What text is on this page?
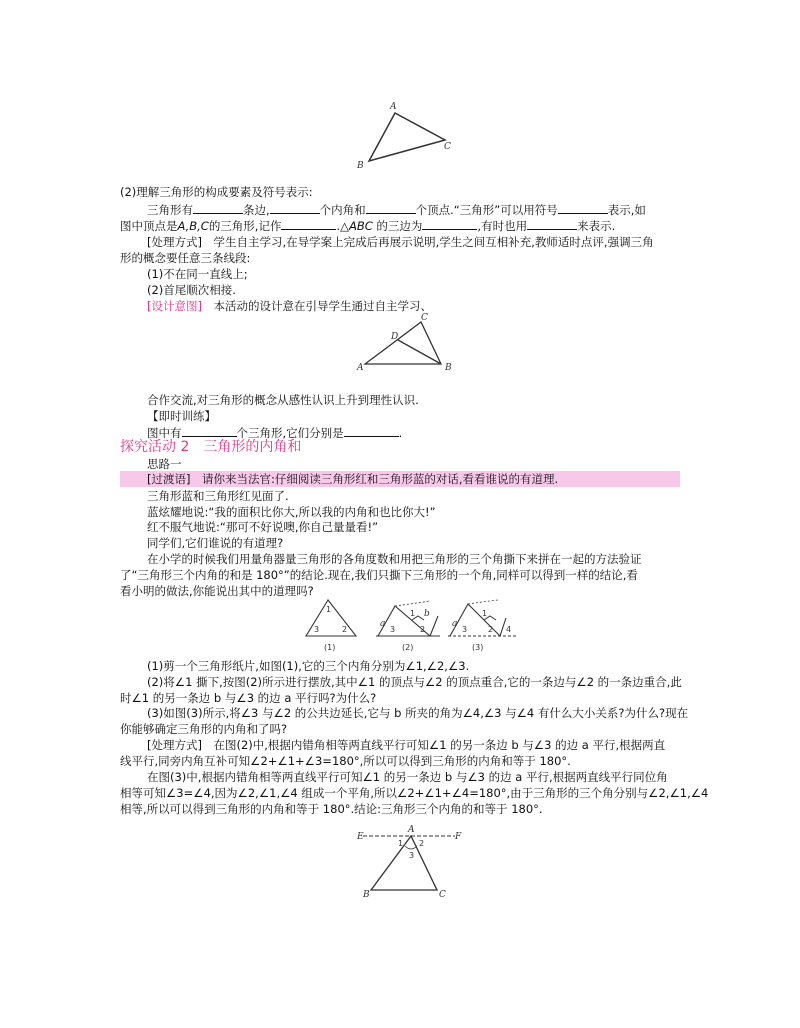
A
C
B
(2)理解三角形的构成要素及符号表示:
三角形有	条边,	个内角和	个顶点.“三角形”可以用符号	表示,如
图中顶点是A,B,C的三角形,记作	.△ABC 的三边为	,有时也用	来表示.
[处理方式]　学生自主学习,在导学案上完成后再展示说明,学生之间互相补充,教师适时点评,强调三角
形的概念要任意三条线段:
(1)不在同一直线上;
(2)首尾顺次相接.
[设计意图]　本活动的设计意在引导学生通过自主学习、
C
D
A	B
合作交流,对三角形的概念从感性认识上升到理性认识.
【即时训练】
图中有	个三角形,它们分别是	.
探究活动 2　三角形的内角和
思路一
[过渡语]　请你来当法官:仔细阅读三角形红和三角形蓝的对话,看看谁说的有道理.
三角形蓝和三角形红见面了.
蓝炫耀地说:“我的面积比你大,所以我的内角和也比你大!”
红不服气地说:“那可不好说噢,你自己量量看!”
同学们,它们谁说的有道理?
在小学的时候我们用量角器量三角形的各角度数和用把三角形的三个角撕下来拼在一起的方法验证
了“三角形三个内角的和是 180°”的结论.现在,我们只撕下三角形的一个角,同样可以得到一样的结论,看
看小明的做法,你能说出其中的道理吗?
1
3	2
(1)
a
b
1
3	2
(2)
a
1
3	2 4
(3)
(1)剪一个三角形纸片,如图(1),它的三个内角分别为∠1,∠2,∠3.
(2)将∠1 撕下,按图(2)所示进行摆放,其中∠1 的顶点与∠2 的顶点重合,它的一条边与∠2 的一条边重合,此
时∠1 的另一条边 b 与∠3 的边 a 平行吗?为什么?
(3)如图(3)所示,将∠3 与∠2 的公共边延长,它与 b 所夹的角为∠4,∠3 与∠4 有什么大小关系?为什么?现在
你能够确定三角形的内角和了吗?
[处理方式]　在图(2)中,根据内错角相等两直线平行可知∠1 的另一条边 b 与∠3 的边 a 平行,根据两直
线平行,同旁内角互补可知∠2+∠1+∠3=180°,所以可以得到三角形的内角和等于 180°.
在图(3)中,根据内错角相等两直线平行可知∠1 的另一条边 b 与∠3 的边 a 平行,根据两直线平行同位角
相等可知∠3=∠4,因为∠2,∠1,∠4 组成一个平角,所以∠2+∠1+∠4=180°,由于三角形的三个角分别与∠2,∠1,∠4
相等,所以可以得到三角形的内角和等于 180°.结论:三角形三个内角的和等于 180°.
E
A
F
1 2
3
B	C
